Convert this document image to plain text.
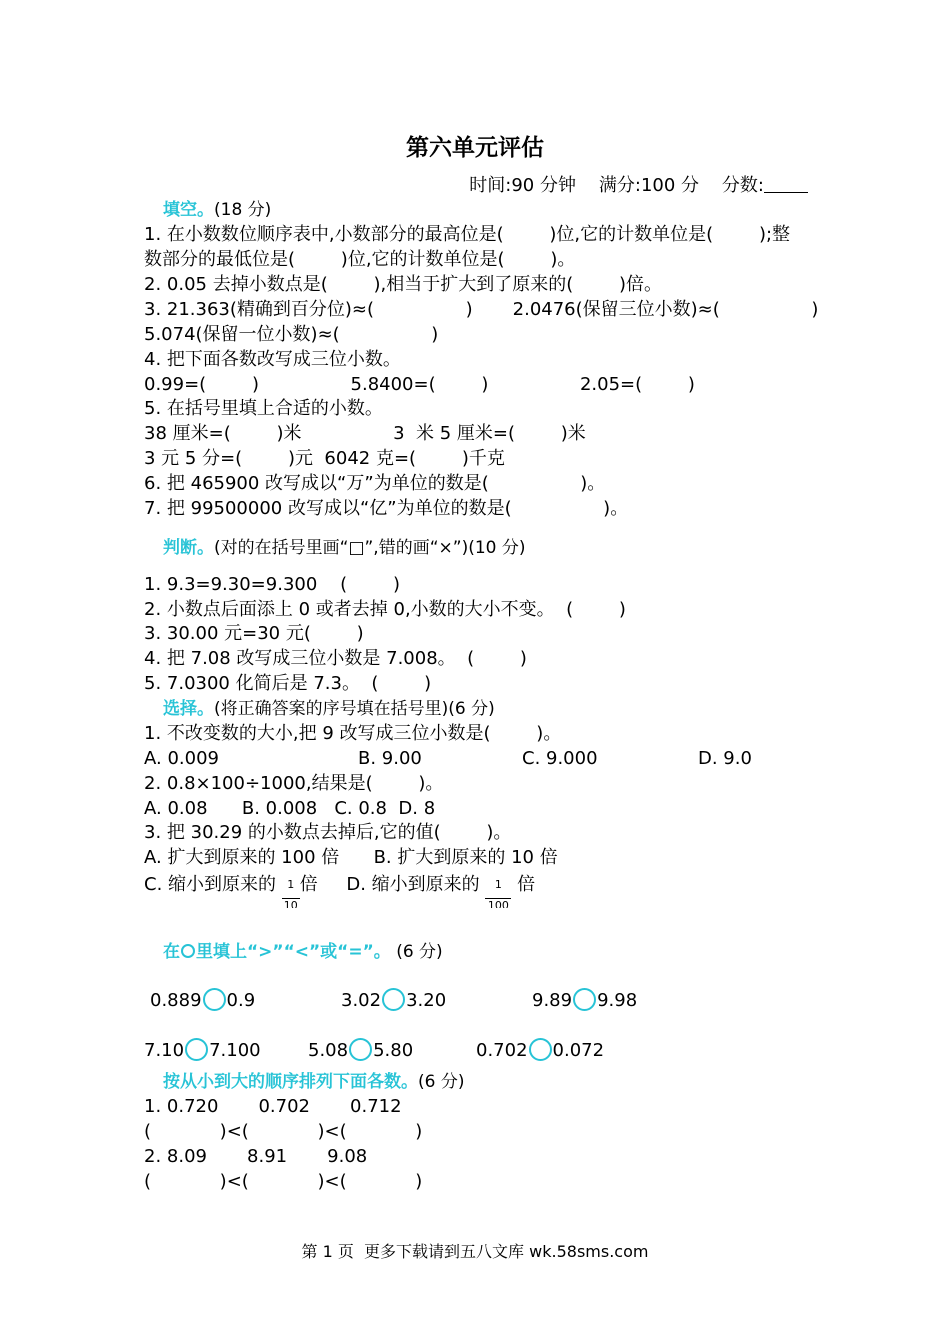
第六单元评估
时间:90 分钟 满分:100 分 分数:
填空。(18 分)
1. 在小数数位顺序表中,小数部分的最高位是(        )位,它的计数单位是(        );整
数部分的最低位是(        )位,它的计数单位是(        )。
2. 0.05 去掉小数点是(        ),相当于扩大到了原来的(        )倍。
3. 21.363(精确到百分位)≈(                )       2.0476(保留三位小数)≈(                )
5.074(保留一位小数)≈(                )
4. 把下面各数改写成三位小数。
0.99=(        )                5.8400=(        )                2.05=(        )
5. 在括号里填上合适的小数。
38 厘米=(        )米                3  米 5 厘米=(        )米
3 元 5 分=(        )元  6042 克=(        )千克
6. 把 465900 改写成以“万”为单位的数是(                )。
7. 把 99500000 改写成以“亿”为单位的数是(                )。
判断。(对的在括号里画“□”,错的画“×”)(10 分)
1. 9.3=9.30=9.300    (        )
2. 小数点后面添上 0 或者去掉 0,小数的大小不变。  (        )
3. 30.00 元=30 元(        )
4. 把 7.08 改写成三位小数是 7.008。  (        )
5. 7.0300 化简后是 7.3。  (        )
选择。(将正确答案的序号填在括号里)(6 分)
1. 不改变数的大小,把 9 改写成三位小数是(        )。
A. 0.009	B. 9.00	C. 9.000	D. 9.0
2. 0.8×100÷1000,结果是(        )。
A. 0.08      B. 0.008   C. 0.8  D. 8
3. 把 30.29 的小数点去掉后,它的值(        )。
A. 扩大到原来的 100 倍      B. 扩大到原来的 10 倍
C. 缩小到原来的 $\frac{1}{10}$ 倍 D. 缩小到原来的 $\frac{1}{100}$ 倍
在 里填上“>”“<”或“=”。 (6 分)
0.889 0.9	3.02 3.20	9.89 9.98
7.10 7.100	5.08 5.80	0.702 0.072
按从小到大的顺序排列下面各数。(6 分)
1. 0.720       0.702       0.712
(            )<(            )<(            )
2. 8.09       8.91       9.08
(            )<(            )<(            )
第 1 页  更多下载请到五八文库 wk.58sms.com
